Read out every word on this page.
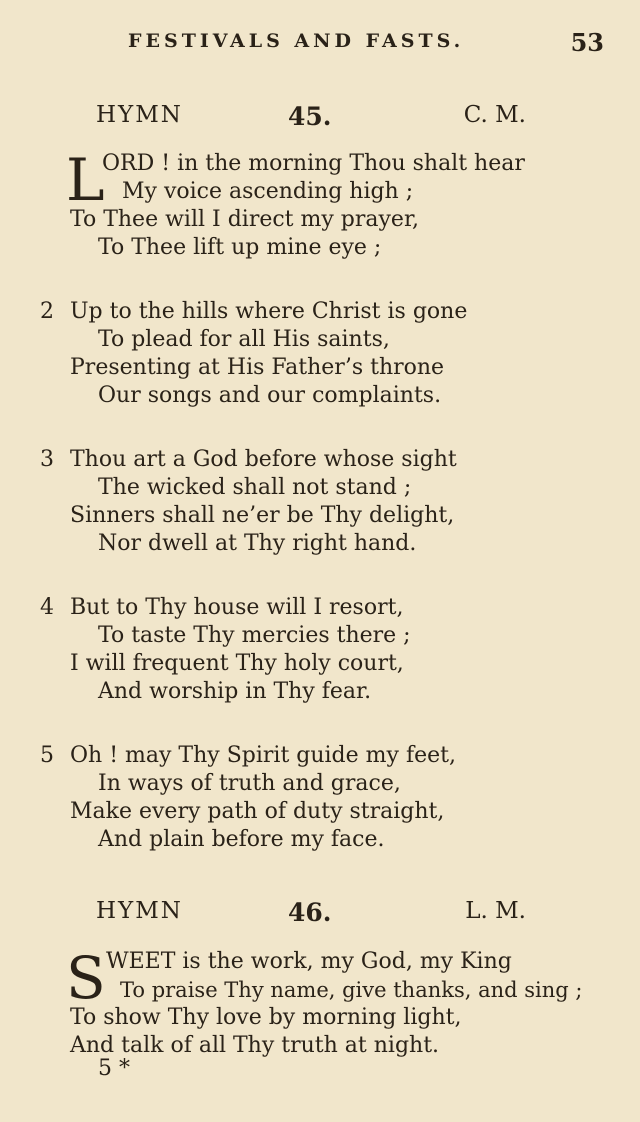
FESTIVALS AND FASTS.	53
HYMN	45.	C. M.
L
ORD ! in the morning Thou shalt hear
My voice ascending high ;
To Thee will I direct my prayer,
To Thee lift up mine eye ;
2 Up to the hills where Christ is gone
To plead for all His saints,
Presenting at His Father’s throne
Our songs and our complaints.
3 Thou art a God before whose sight
The wicked shall not stand ;
Sinners shall ne’er be Thy delight,
Nor dwell at Thy right hand.
4 But to Thy house will I resort,
To taste Thy mercies there ;
I will frequent Thy holy court,
And worship in Thy fear.
5 Oh ! may Thy Spirit guide my feet,
In ways of truth and grace,
Make every path of duty straight,
And plain before my face.
HYMN	46.	L. M.
S WEET is the work, my God, my King
To praise Thy name, give thanks, and sing ;
To show Thy love by morning light,
And talk of all Thy truth at night.
5 *
